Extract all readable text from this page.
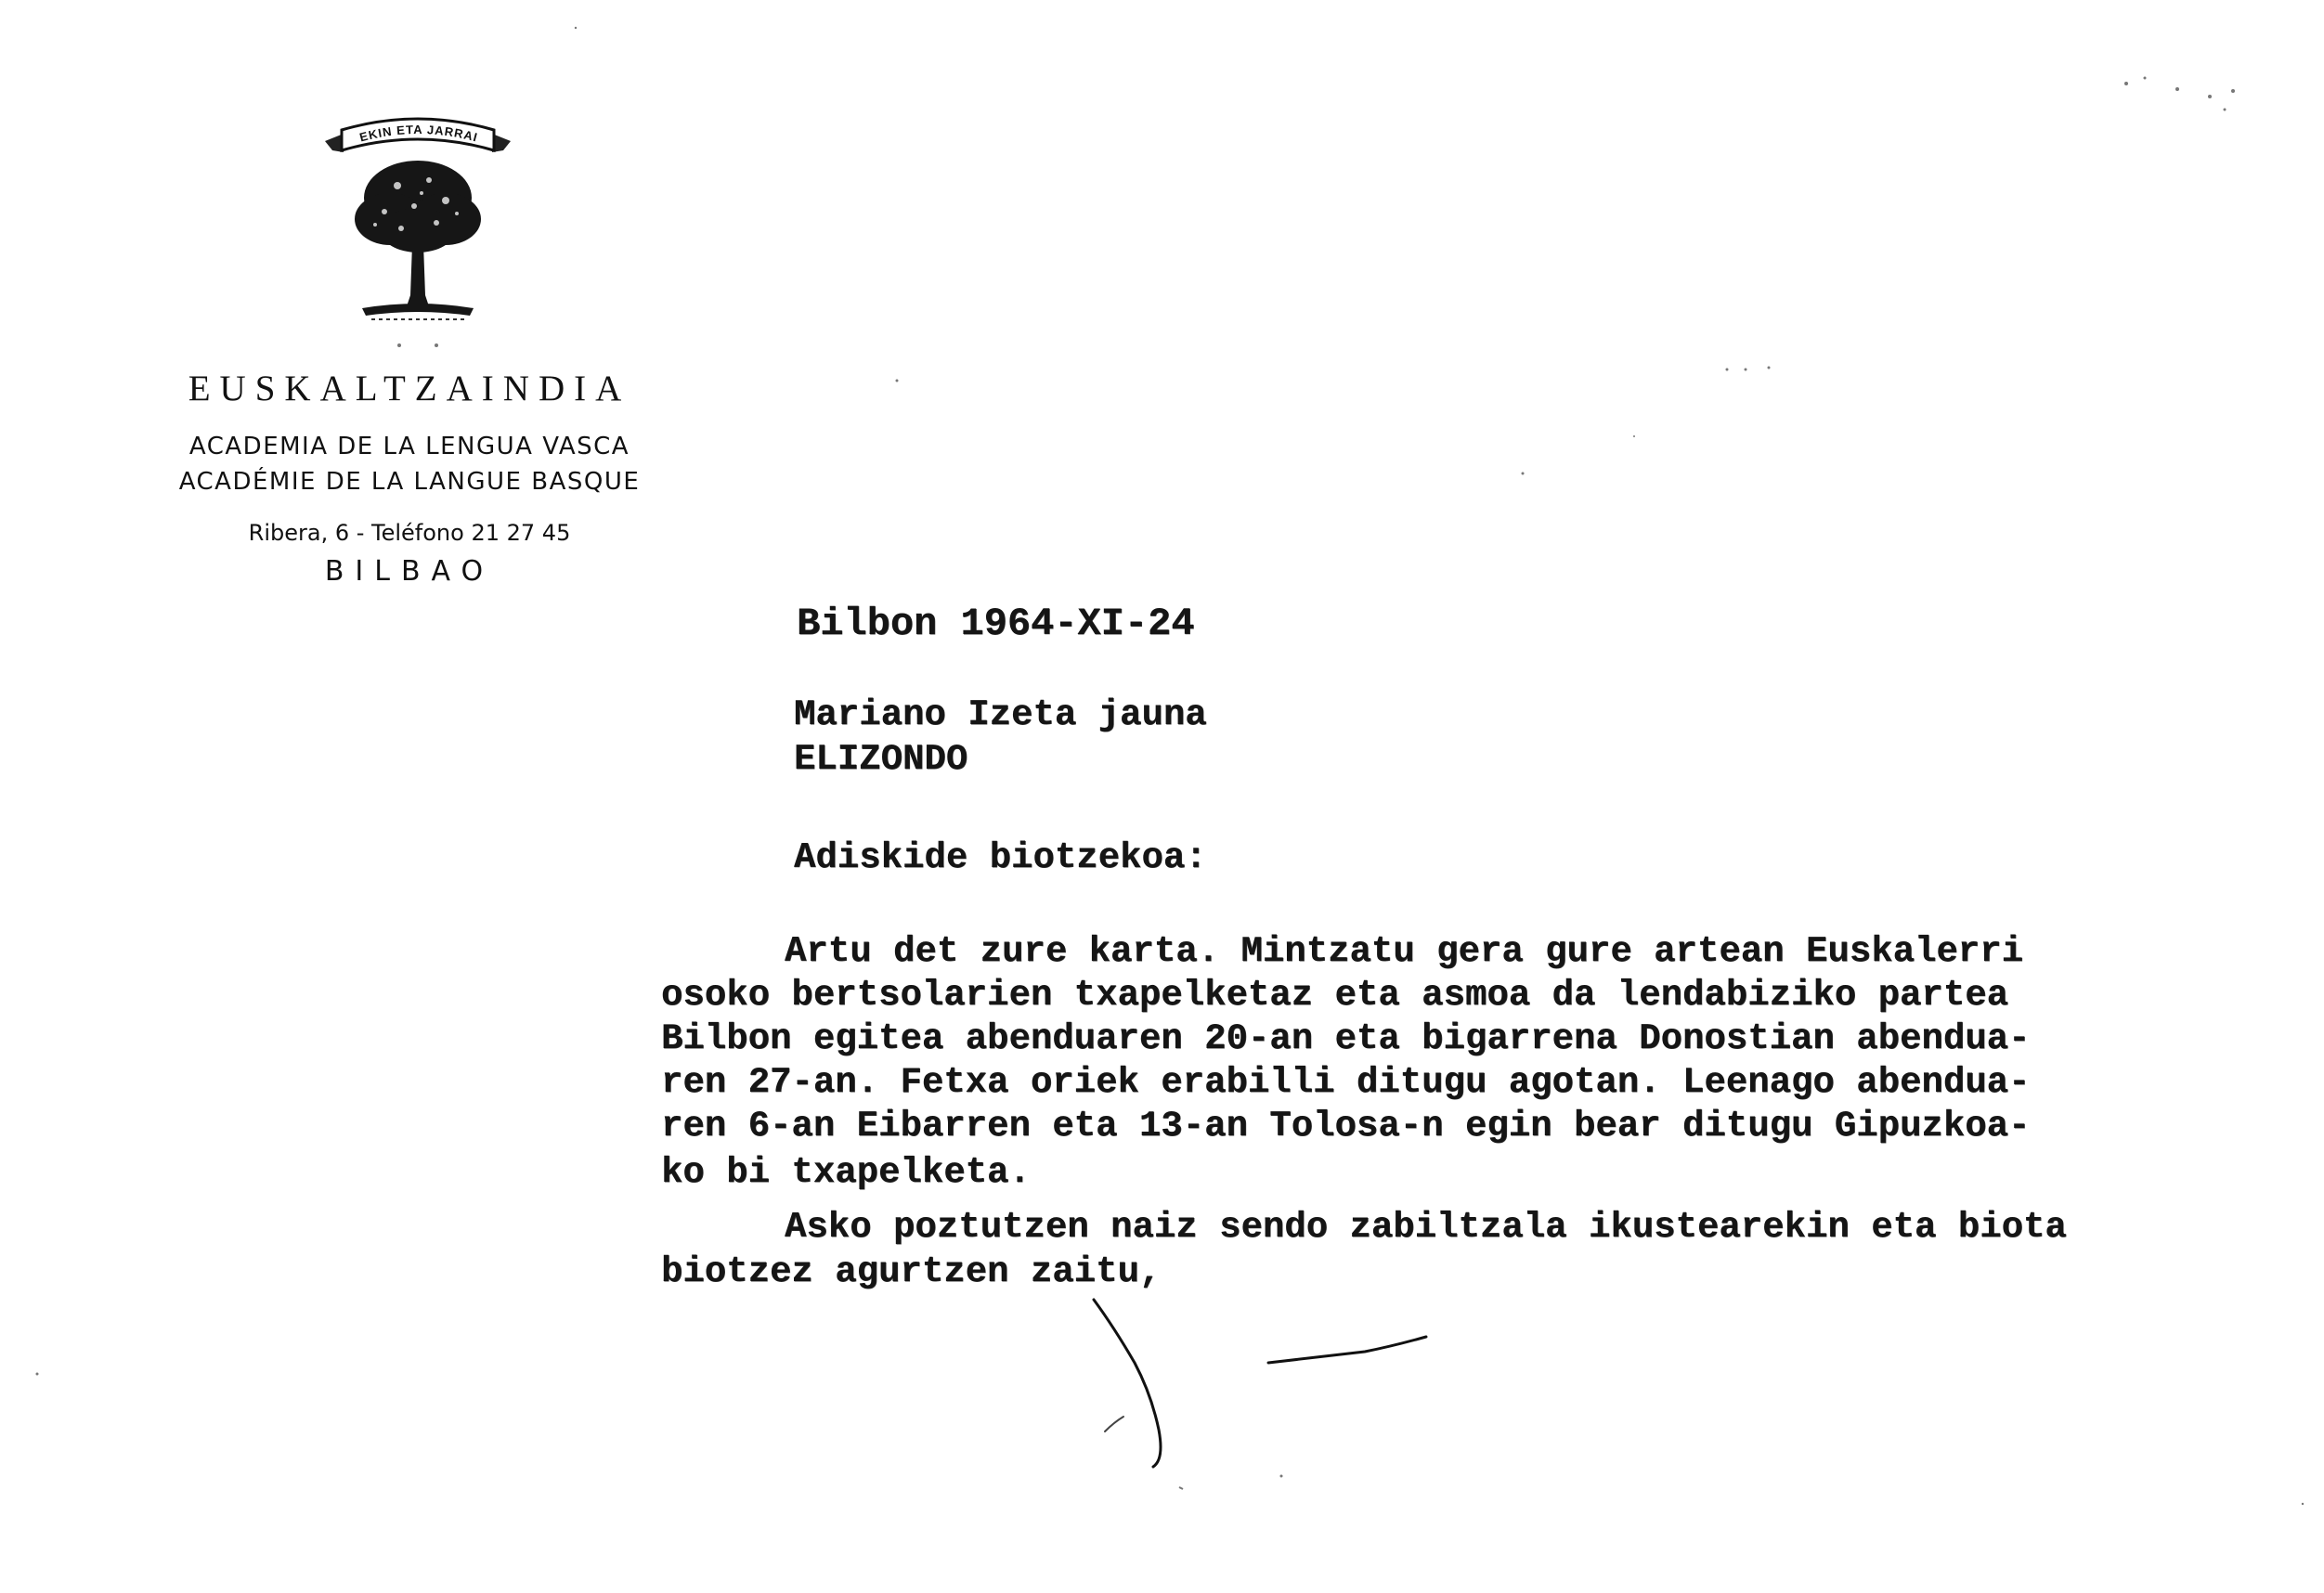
EKIN ETA JARRAI
EUSKALTZAINDIA
ACADEMIA DE LA LENGUA VASCA
ACADÉMIE DE LA LANGUE BASQUE
Ribera, 6 - Teléfono 21 27 45
BILBAO
Bilbon 1964-XI-24
Mariano Izeta jauna
ELIZONDO
Adiskide biotzekoa:
Artu det zure karta. Mintzatu gera gure artean Euskalerri
osoko bertsolarien txapelketaz eta asmoa da lendabiziko partea
Bilbon egitea abenduaren 20-an eta bigarrena Donostian abendua-
ren 27-an. Fetxa oriek erabilli ditugu agotan. Leenago abendua-
ren 6-an Eibarren eta 13-an Tolosa-n egin bear ditugu Gipuzkoa-
ko bi txapelketa.
Asko poztutzen naiz sendo zabiltzala ikustearekin eta biota
biotzez agurtzen zaitu,
